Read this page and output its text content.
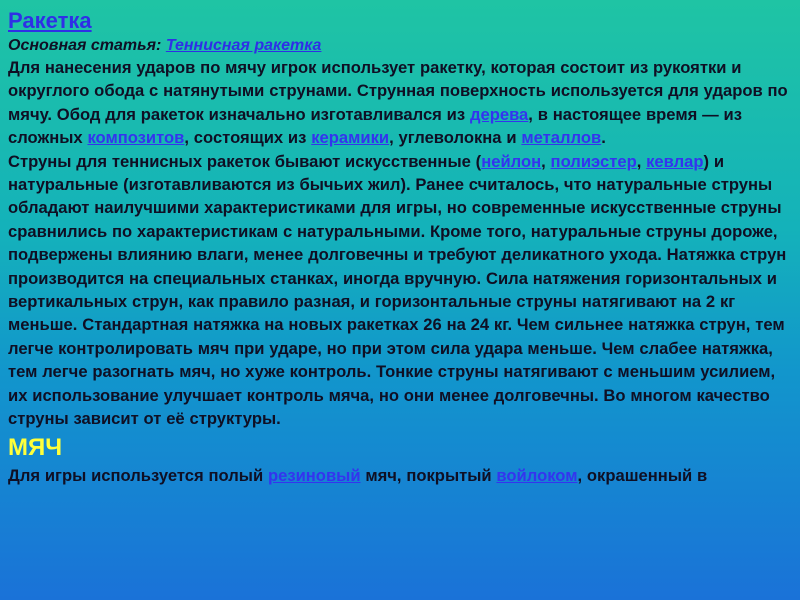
Ракетка

Основная статья: Теннисная ракетка

Для нанесения ударов по мячу игрок использует ракетку, которая состоит из рукоятки и округлого обода с натянутыми струнами. Струнная поверхность используется для ударов по мячу. Обод для ракеток изначально изготавливался из дерева, в настоящее время — из сложных композитов, состоящих из керамики, углеволокна и металлов.

Струны для теннисных ракеток бывают искусственные (нейлон, полиэстер, кевлар) и натуральные (изготавливаются из бычьих жил). Ранее считалось, что натуральные струны обладают наилучшими характеристиками для игры, но современные искусственные струны сравнились по характеристикам с натуральными. Кроме того, натуральные струны дороже, подвержены влиянию влаги, менее долговечны и требуют деликатного ухода. Натяжка струн производится на специальных станках, иногда вручную. Сила натяжения горизонтальных и вертикальных струн, как правило разная, и горизонтальные струны натягивают на 2 кг меньше. Стандартная натяжка на новых ракетках 26 на 24 кг. Чем сильнее натяжка струн, тем легче контролировать мяч при ударе, но при этом сила удара меньше. Чем слабее натяжка, тем легче разогнать мяч, но хуже контроль. Тонкие струны натягивают с меньшим усилием, их использование улучшает контроль мяча, но они менее долговечны. Во многом качество струны зависит от её структуры.

МЯЧ

Для игры используется полый резиновый мяч, покрытый войлоком, окрашенный в
